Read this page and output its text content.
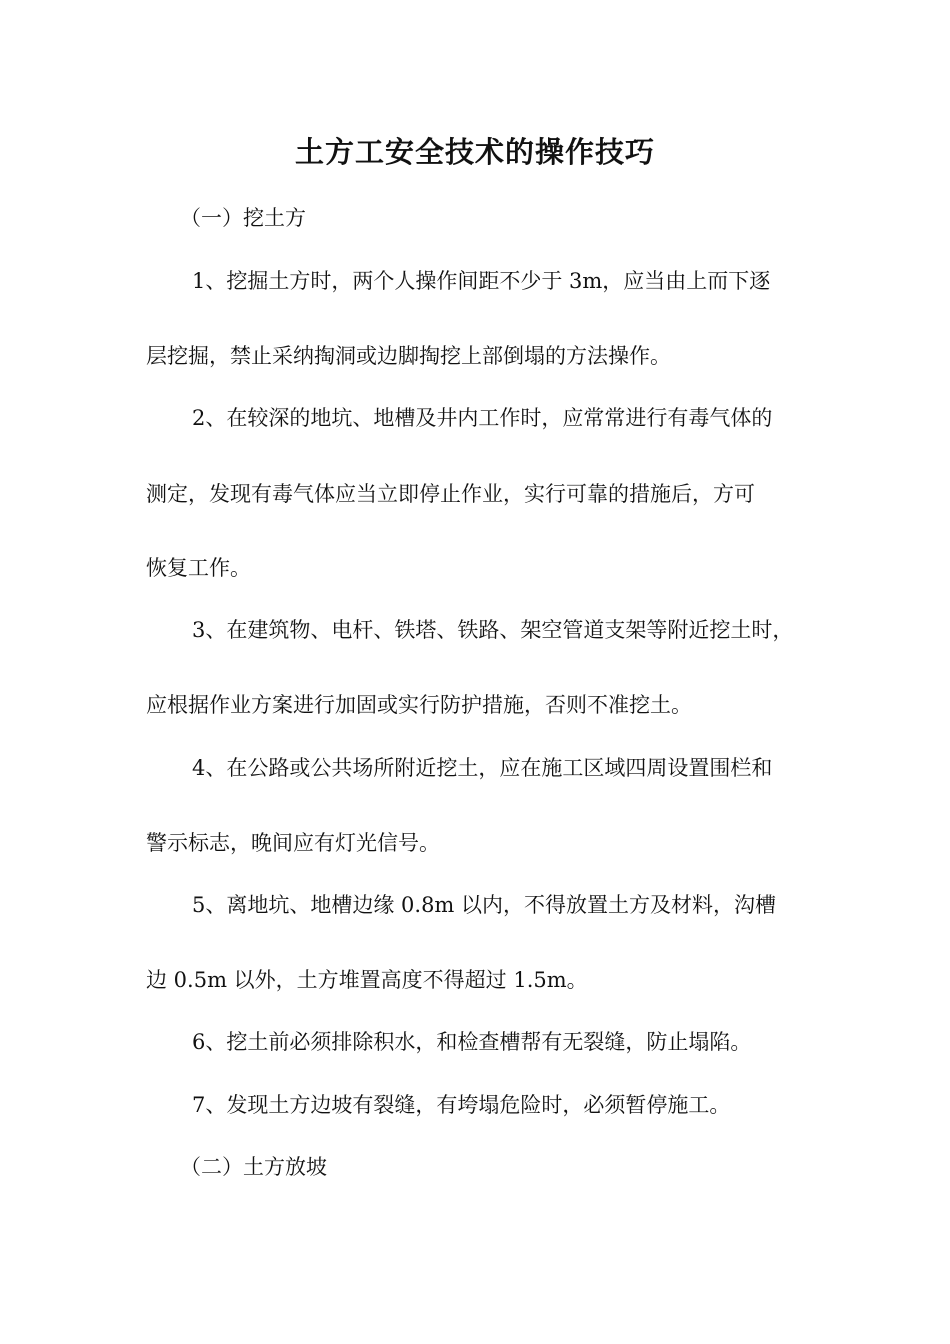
土方工安全技术的操作技巧
（一）挖土方
1、挖掘土方时，两个人操作间距不少于 3m，应当由上而下逐
层挖掘，禁止采纳掏洞或边脚掏挖上部倒塌的方法操作。
2、在较深的地坑、地槽及井内工作时，应常常进行有毒气体的
测定，发现有毒气体应当立即停止作业，实行可靠的措施后，方可
恢复工作。
3、在建筑物、电杆、铁塔、铁路、架空管道支架等附近挖土时，
应根据作业方案进行加固或实行防护措施，否则不准挖土。
4、在公路或公共场所附近挖土，应在施工区域四周设置围栏和
警示标志，晚间应有灯光信号。
5、离地坑、地槽边缘 0.8m 以内，不得放置土方及材料，沟槽
边 0.5m 以外，土方堆置高度不得超过 1.5m。
6、挖土前必须排除积水，和检查槽帮有无裂缝，防止塌陷。
7、发现土方边坡有裂缝，有垮塌危险时，必须暂停施工。
（二）土方放坡
